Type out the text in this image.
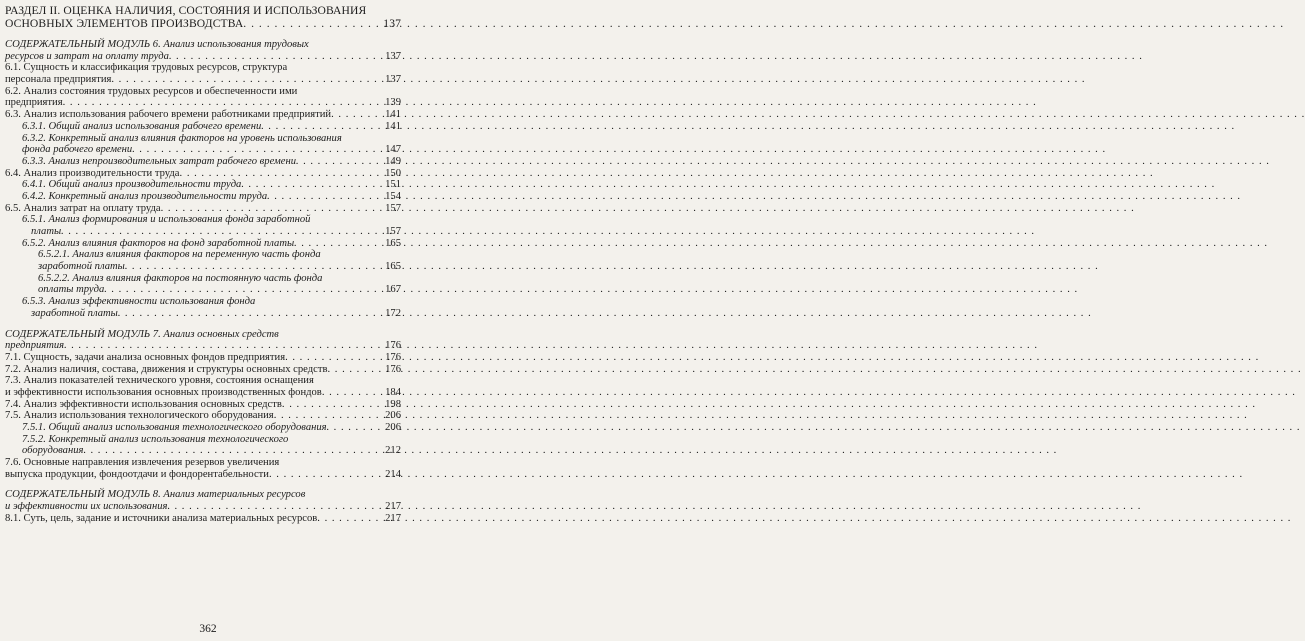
РАЗДЕЛ II. ОЦЕНКА НАЛИЧИЯ, СОСТОЯНИЯ И ИСПОЛЬЗОВАНИЯ
ОСНОВНЫХ ЭЛЕМЕНТОВ ПРОИЗВОДСТВА . . .	137
СОДЕРЖАТЕЛЬНЫЙ МОДУЛЬ 6. Анализ использования трудовых
ресурсов и затрат на оплату труда . . .	137
6.1. Сущность и классификация трудовых ресурсов, структура
персонала предприятия . . .	137
6.2. Анализ состояния трудовых ресурсов и обеспеченности ими
предприятия . . .	139
6.3. Анализ использования рабочего времени работниками предприятий . . .	141
6.3.1. Общий анализ использования рабочего времени . . .	141
6.3.2. Конкретный анализ влияния факторов на уровень использования
фонда рабочего времени . . .	147
6.3.3. Анализ непроизводительных затрат рабочего времени . . .	149
6.4. Анализ производительности труда . . .	150
6.4.1. Общий анализ производительности труда . . .	151
6.4.2. Конкретный анализ производительности труда . . .	154
6.5. Анализ затрат на оплату труда . . .	157
6.5.1. Анализ формирования и использования фонда заработной
платы . . .	157
6.5.2. Анализ влияния факторов на фонд заработной платы . . .	165
6.5.2.1. Анализ влияния факторов на переменную часть фонда
заработной платы . . .	165
6.5.2.2. Анализ влияния факторов на постоянную часть фонда
оплаты труда . . .	167
6.5.3. Анализ эффективности использования фонда
заработной платы . . .	172
СОДЕРЖАТЕЛЬНЫЙ МОДУЛЬ 7. Анализ основных средств
предприятия . . .	176
7.1. Сущность, задачи анализа основных фондов предприятия . . .	176
7.2. Анализ наличия, состава, движения и структуры основных средств . . .	176
7.3. Анализ показателей технического уровня, состояния оснащения
и эффективности использования основных производственных фондов . . .	184
7.4. Анализ эффективности использования основных средств . . .	198
7.5. Анализ использования технологического оборудования . . .	206
7.5.1. Общий анализ использования технологического оборудования . . .	206
7.5.2. Конкретный анализ использования технологического
оборудования . . .	212
7.6. Основные направления извлечения резервов увеличения
выпуска продукции, фондоотдачи и фондорентабельности . . .	214
СОДЕРЖАТЕЛЬНЫЙ МОДУЛЬ 8. Анализ материальных ресурсов
и эффективности их использования . . .	217
8.1. Суть, цель, задание и источники анализа материальных ресурсов . . .	217
362
